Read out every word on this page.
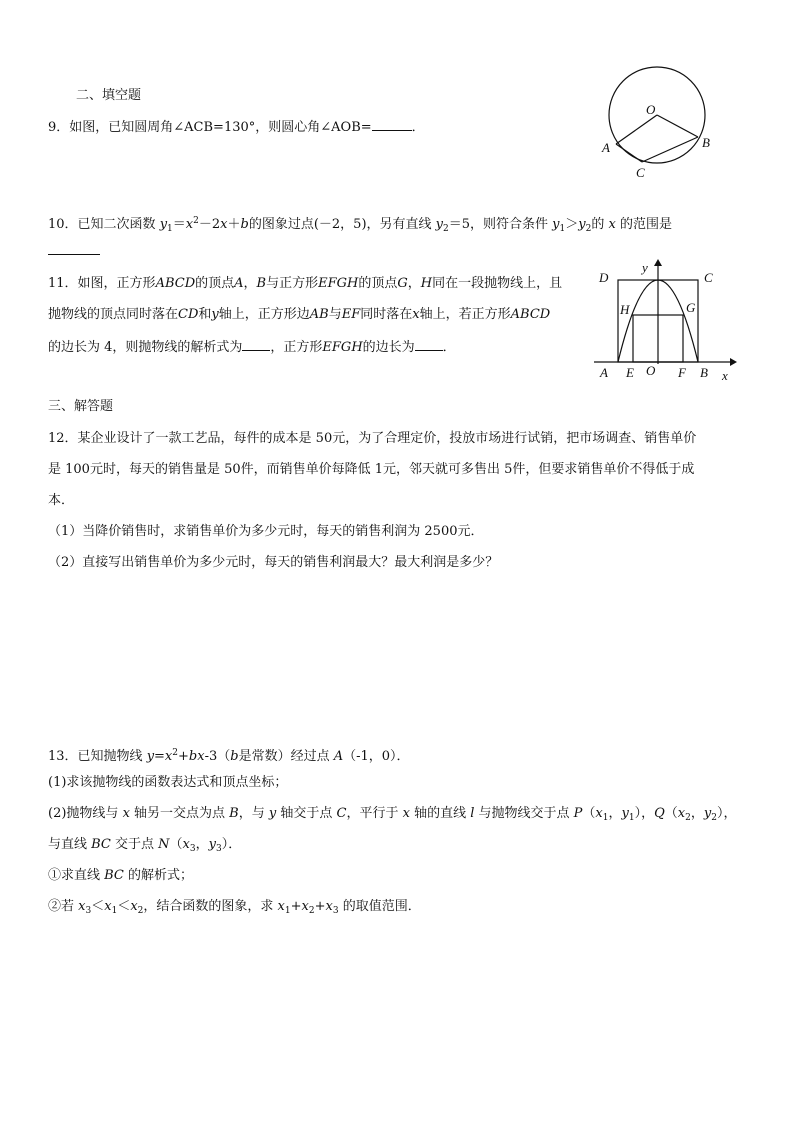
二、填空题
9．如图，已知圆周角∠ACB=130°，则圆心角∠AOB=	．
O
A	B
C
10．已知二次函数 $y_1=x^2-2x+b$的图象过点(－2，5)，另有直线 $y_2=5$，则符合条件 $y_1>y_2$的 x 的范围是
11．如图，正方形ABCD的顶点A，B与正方形EFGH的顶点G，H同在一段抛物线上，且
抛物线的顶点同时落在CD和y轴上，正方形边AB与EF同时落在x轴上，若正方形ABCD
的边长为 4，则抛物线的解析式为 ，正方形EFGH的边长为 ．
D	C
y
H	G
A E O F B x
三、解答题
12．某企业设计了一款工艺品，每件的成本是 50元，为了合理定价，投放市场进行试销，把市场调查、销售单价
是 100元时，每天的销售量是 50件，而销售单价每降低 1元，邻天就可多售出 5件，但要求销售单价不得低于成
本．
（1）当降价销售时，求销售单价为多少元时，每天的销售利润为 2500元．
（2）直接写出销售单价为多少元时，每天的销售利润最大？最大利润是多少？
13．已知抛物线 $y=x^2+bx-3(b$是常数）经过点 A（-1，0）．
(1)求该抛物线的函数表达式和顶点坐标；
(2)抛物线与 x 轴另一交点为点 B，与 y 轴交于点 C，平行于 x 轴的直线 l 与抛物线交于点 $P(x_1$，$y_1$），$Q(x_2$，$y_2$），
与直线 BC 交于点 $N(x_3$，$y_3$）．
①求直线 BC 的解析式；
②若 $x_3<x_1<x_2$，结合函数的图象，求 $x_1+x_2+x_3$ 的取值范围．
